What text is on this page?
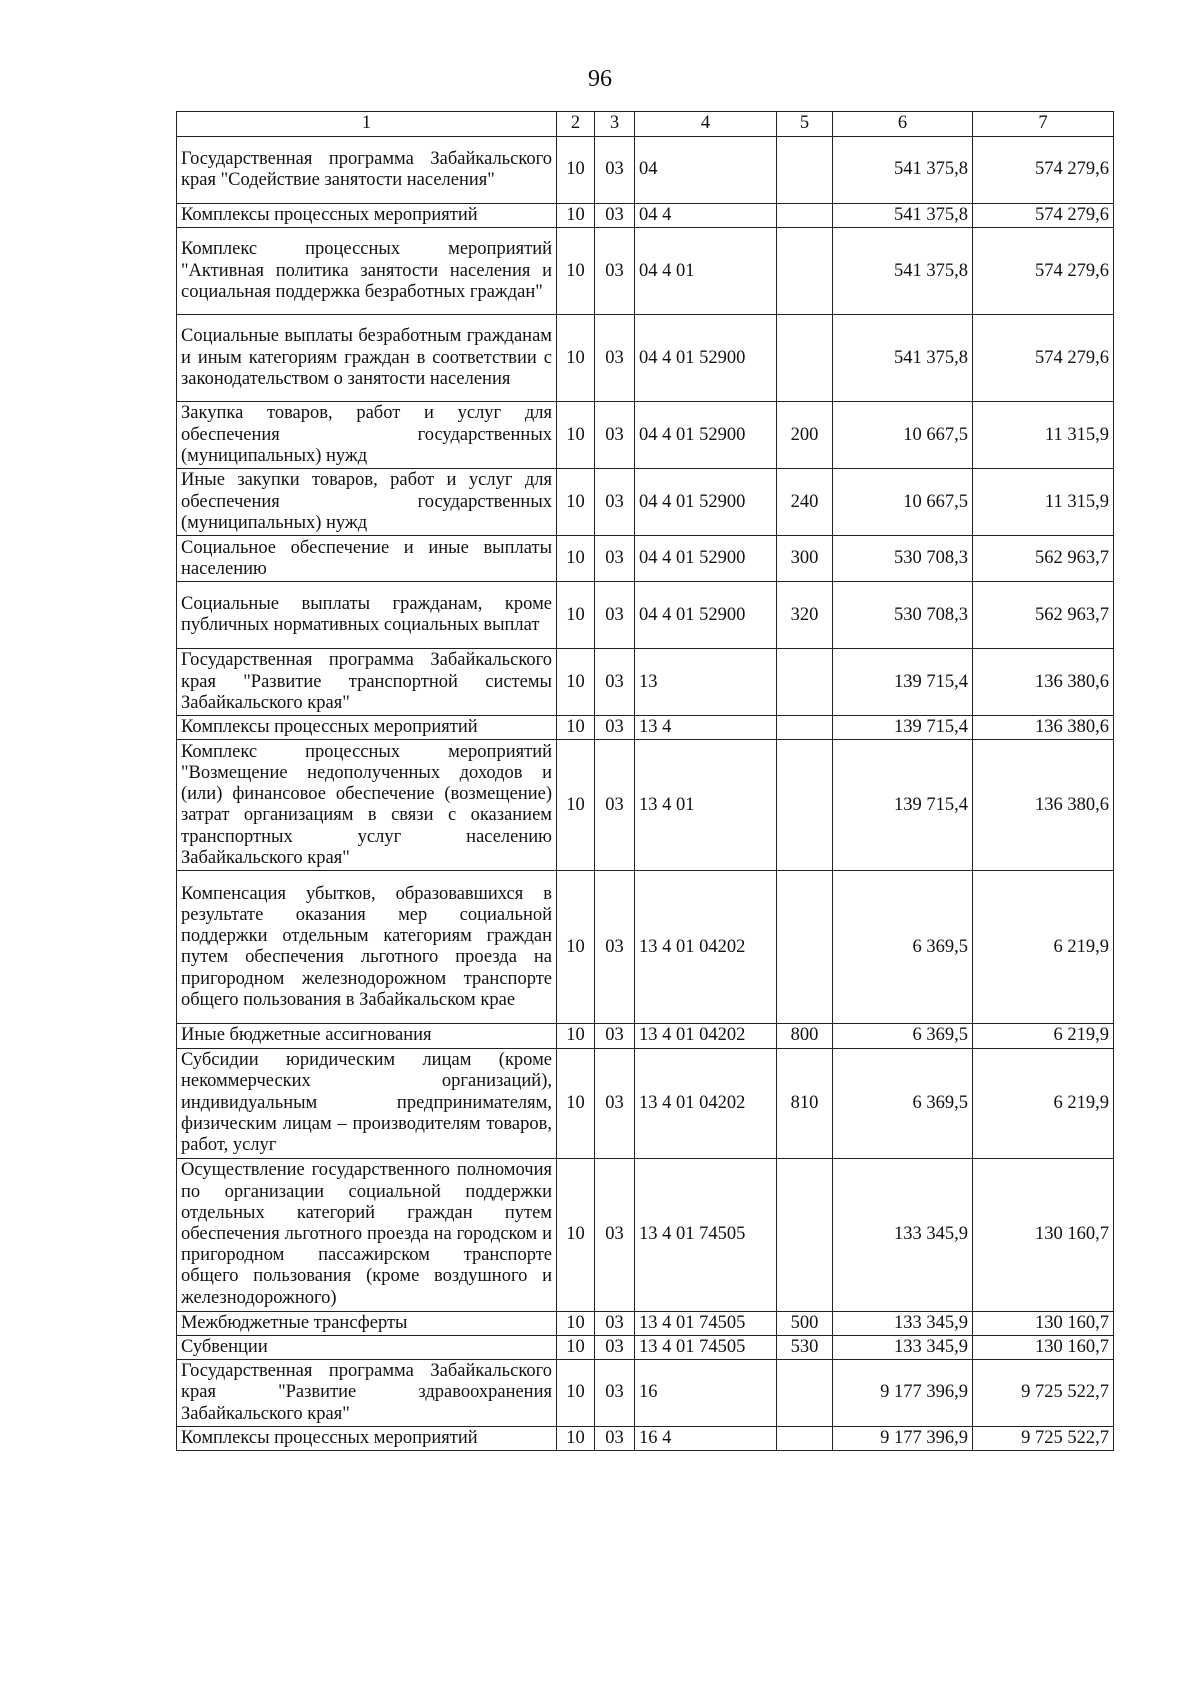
96
1	2	3	4	5	6	7
Государственная программа Забайкальского края "Содействие занятости населения"	10	03	04		541 375,8	574 279,6
Комплексы процессных мероприятий	10	03	04 4		541 375,8	574 279,6
Комплекс процессных мероприятий "Активная политика занятости населения и социальная поддержка безработных граждан"	10	03	04 4 01		541 375,8	574 279,6
Социальные выплаты безработным гражданам и иным категориям граждан в соответствии с законодательством о занятости населения	10	03	04 4 01 52900		541 375,8	574 279,6
Закупка товаров, работ и услуг для обеспечения государственных (муниципальных) нужд	10	03	04 4 01 52900	200	10 667,5	11 315,9
Иные закупки товаров, работ и услуг для обеспечения государственных (муниципальных) нужд	10	03	04 4 01 52900	240	10 667,5	11 315,9
Социальное обеспечение и иные выплаты населению	10	03	04 4 01 52900	300	530 708,3	562 963,7
Социальные выплаты гражданам, кроме публичных нормативных социальных выплат	10	03	04 4 01 52900	320	530 708,3	562 963,7
Государственная программа Забайкальского края "Развитие транспортной системы Забайкальского края"	10	03	13		139 715,4	136 380,6
Комплексы процессных мероприятий	10	03	13 4		139 715,4	136 380,6
Комплекс процессных мероприятий "Возмещение недополученных доходов и (или) финансовое обеспечение (возмещение) затрат организациям в связи с оказанием транспортных услуг населению Забайкальского края"	10	03	13 4 01		139 715,4	136 380,6
Компенсация убытков, образовавшихся в результате оказания мер социальной поддержки отдельным категориям граждан путем обеспечения льготного проезда на пригородном железнодорожном транспорте общего пользования в Забайкальском крае	10	03	13 4 01 04202		6 369,5	6 219,9
Иные бюджетные ассигнования	10	03	13 4 01 04202	800	6 369,5	6 219,9
Субсидии юридическим лицам (кроме некоммерческих организаций), индивидуальным предпринимателям, физическим лицам – производителям товаров, работ, услуг	10	03	13 4 01 04202	810	6 369,5	6 219,9
Осуществление государственного полномочия по организации социальной поддержки отдельных категорий граждан путем обеспечения льготного проезда на городском и пригородном пассажирском транспорте общего пользования (кроме воздушного и железнодорожного)	10	03	13 4 01 74505		133 345,9	130 160,7
Межбюджетные трансферты	10	03	13 4 01 74505	500	133 345,9	130 160,7
Субвенции	10	03	13 4 01 74505	530	133 345,9	130 160,7
Государственная программа Забайкальского края "Развитие здравоохранения Забайкальского края"	10	03	16		9 177 396,9	9 725 522,7
Комплексы процессных мероприятий	10	03	16 4		9 177 396,9	9 725 522,7
